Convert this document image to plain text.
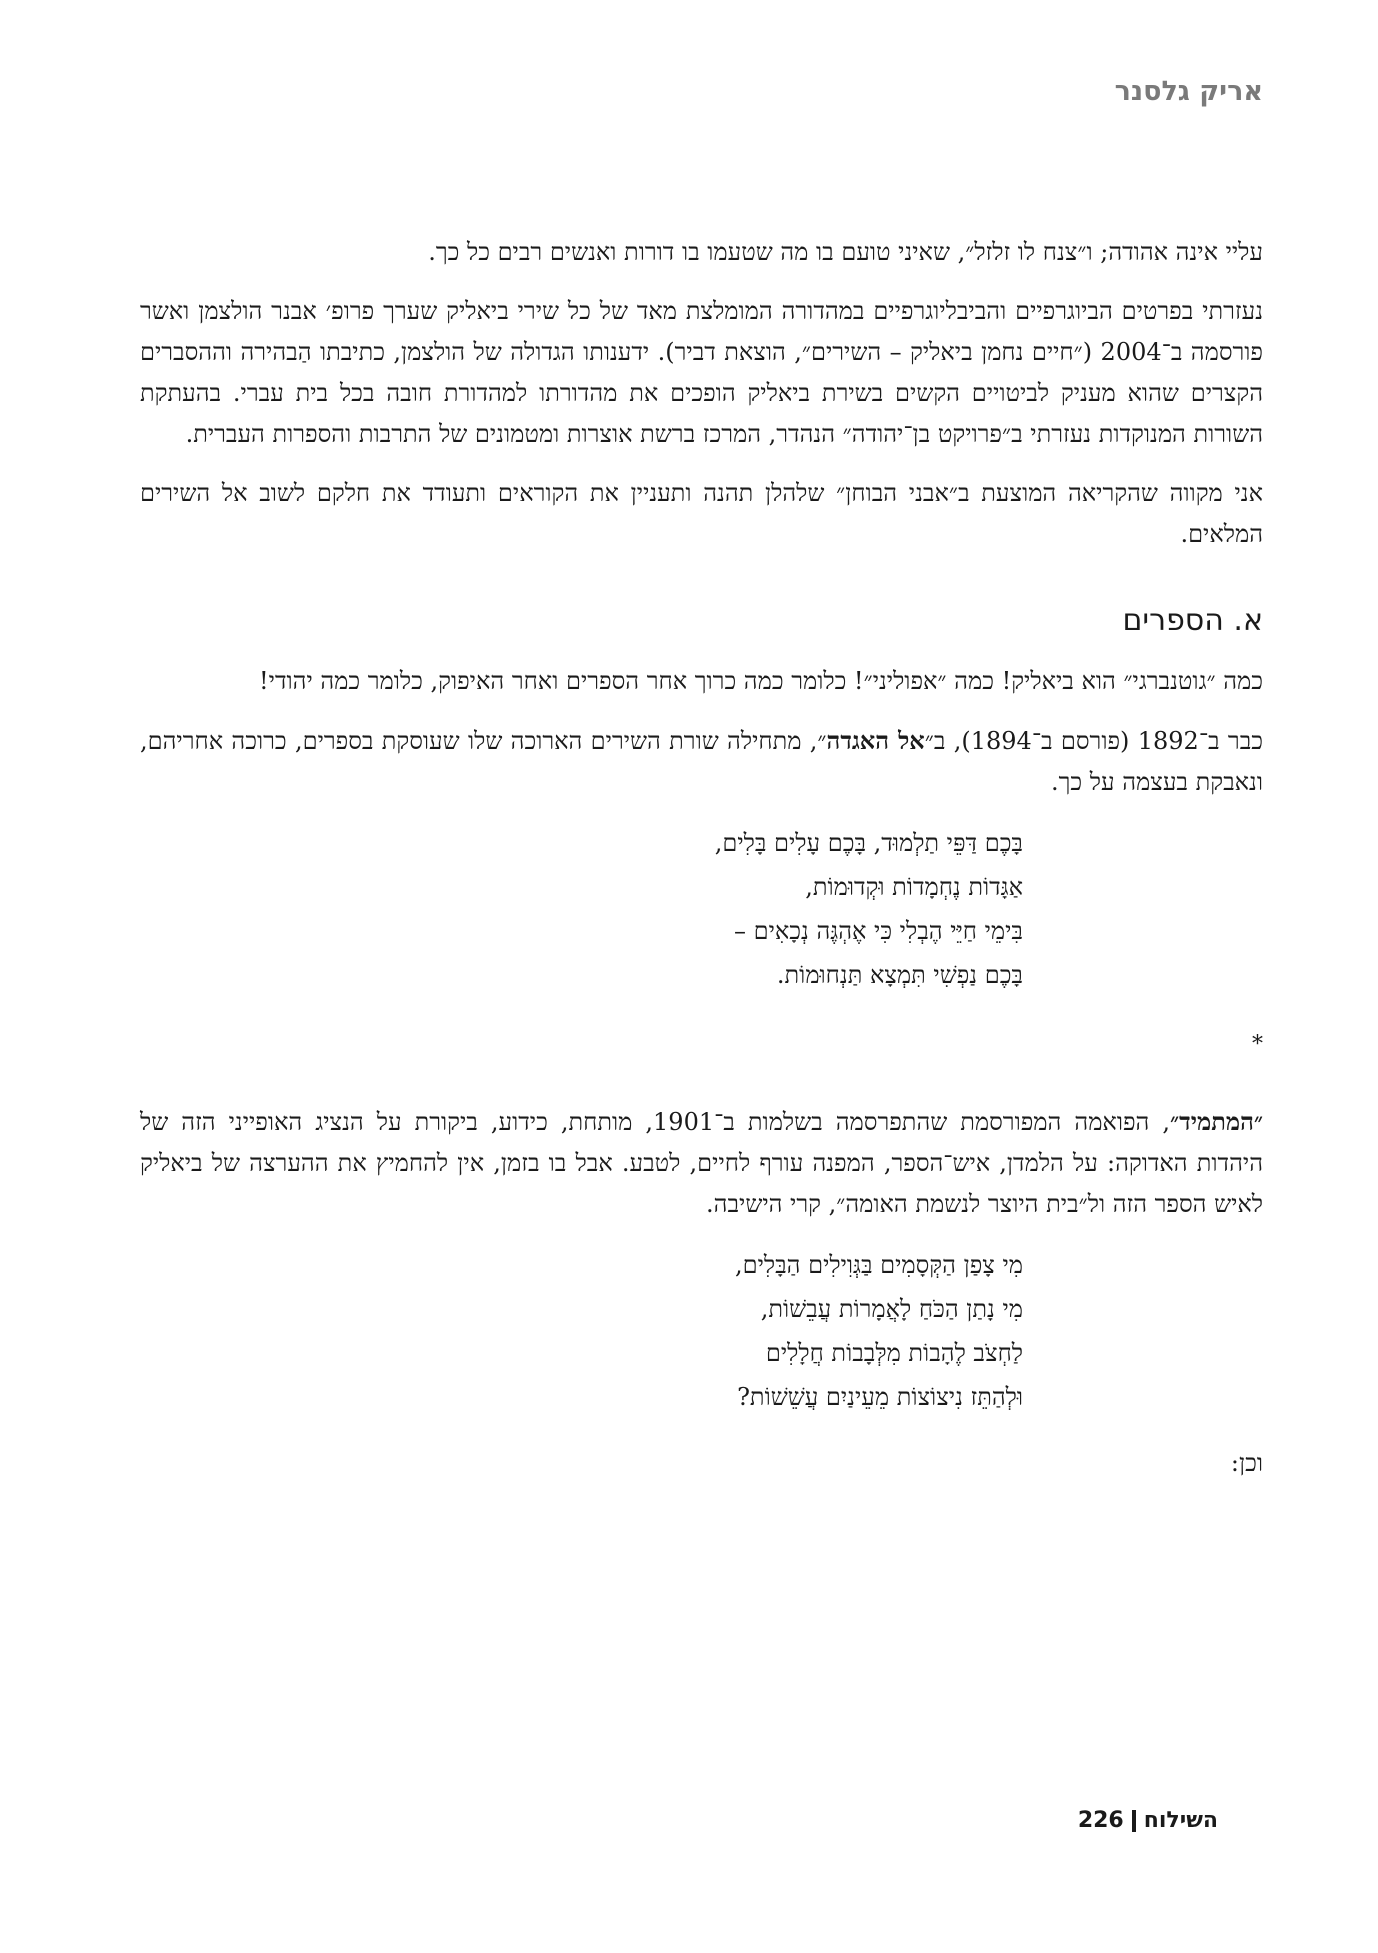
אריק גלסנר

עליי אינה אהודה; ו״צנח לו זלזל״, שאיני טועם בו מה שטעמו בו דורות ואנשים רבים כל כך.

נעזרתי בפרטים הביוגרפיים והביבליוגרפיים במהדורה המומלצת מאד של כל שירי ביאליק שערך פרופ׳ אבנר הולצמן ואשר פורסמה ב־2004 (״חיים נחמן ביאליק – השירים״, הוצאת דביר). ידענותו הגדולה של הולצמן, כתיבתו הַבהירה וההסברים הקצרים שהוא מעניק לביטויים הקשים בשירת ביאליק הופכים את מהדורתו למהדורת חובה בכל בית עברי. בהעתקת השורות המנוקדות נעזרתי ב״פרויקט בן־יהודה״ הנהדר, המרכז ברשת אוצרות ומטמונים של התרבות והספרות העברית.

אני מקווה שהקריאה המוצעת ב״אבני הבוחן״ שלהלן תהנה ותעניין את הקוראים ותעודד את חלקם לשוב אל השירים המלאים.

א. הספרים

כמה ״גוטנברגי״ הוא ביאליק! כמה ״אפוליני״! כלומר כמה כרוך אחר הספרים ואחר האיפוק, כלומר כמה יהודי!

כבר ב־1892 (פורסם ב־1894), ב״אל האגדה״, מתחילה שורת השירים הארוכה שלו שעוסקת בספרים, כרוכה אחריהם, ונאבקת בעצמה על כך.

בָּכֶם דַּפֵּי תַלְמוּד, בָּכֶם עָלִים בָּלִים,
אַגָּדוֹת נֶחְמָדוֹת וּקְדוּמוֹת,
בִּימֵי חַיֵּי הֶבְלִי כִּי אֶהְגֶּה נְכָאִים –
בָּכֶם נַפְשִׁי תִּמְצָא תַּנְחוּמוֹת.
*

״המתמיד״, הפואמה המפורסמת שהתפרסמה בשלמות ב־1901, מותחת, כידוע, ביקורת על הנציג האופייני הזה של היהדות האדוקה: על הלמדן, איש־הספר, המפנה עורף לחיים, לטבע. אבל בו בזמן, אין להחמיץ את ההערצה של ביאליק לאיש הספר הזה ול״בית היוצר לנשמת האומה״, קרי הישיבה.

מִי צָפַן הַקְּסָמִים בַּגְּוִילִים הַבָּלִים,
מִי נָתַן הַכֹּחַ לָאֲמָרוֹת עֲבֵשׁוֹת,
לַחְצֹב לֶהָבוֹת מִלְּבָבוֹת חֲלָלִים
וּלְהַתֵּז נִיצוֹצוֹת מֵעֵינַיִם עֲשֵׁשׁוֹת?

וכן:

השילוח
226
